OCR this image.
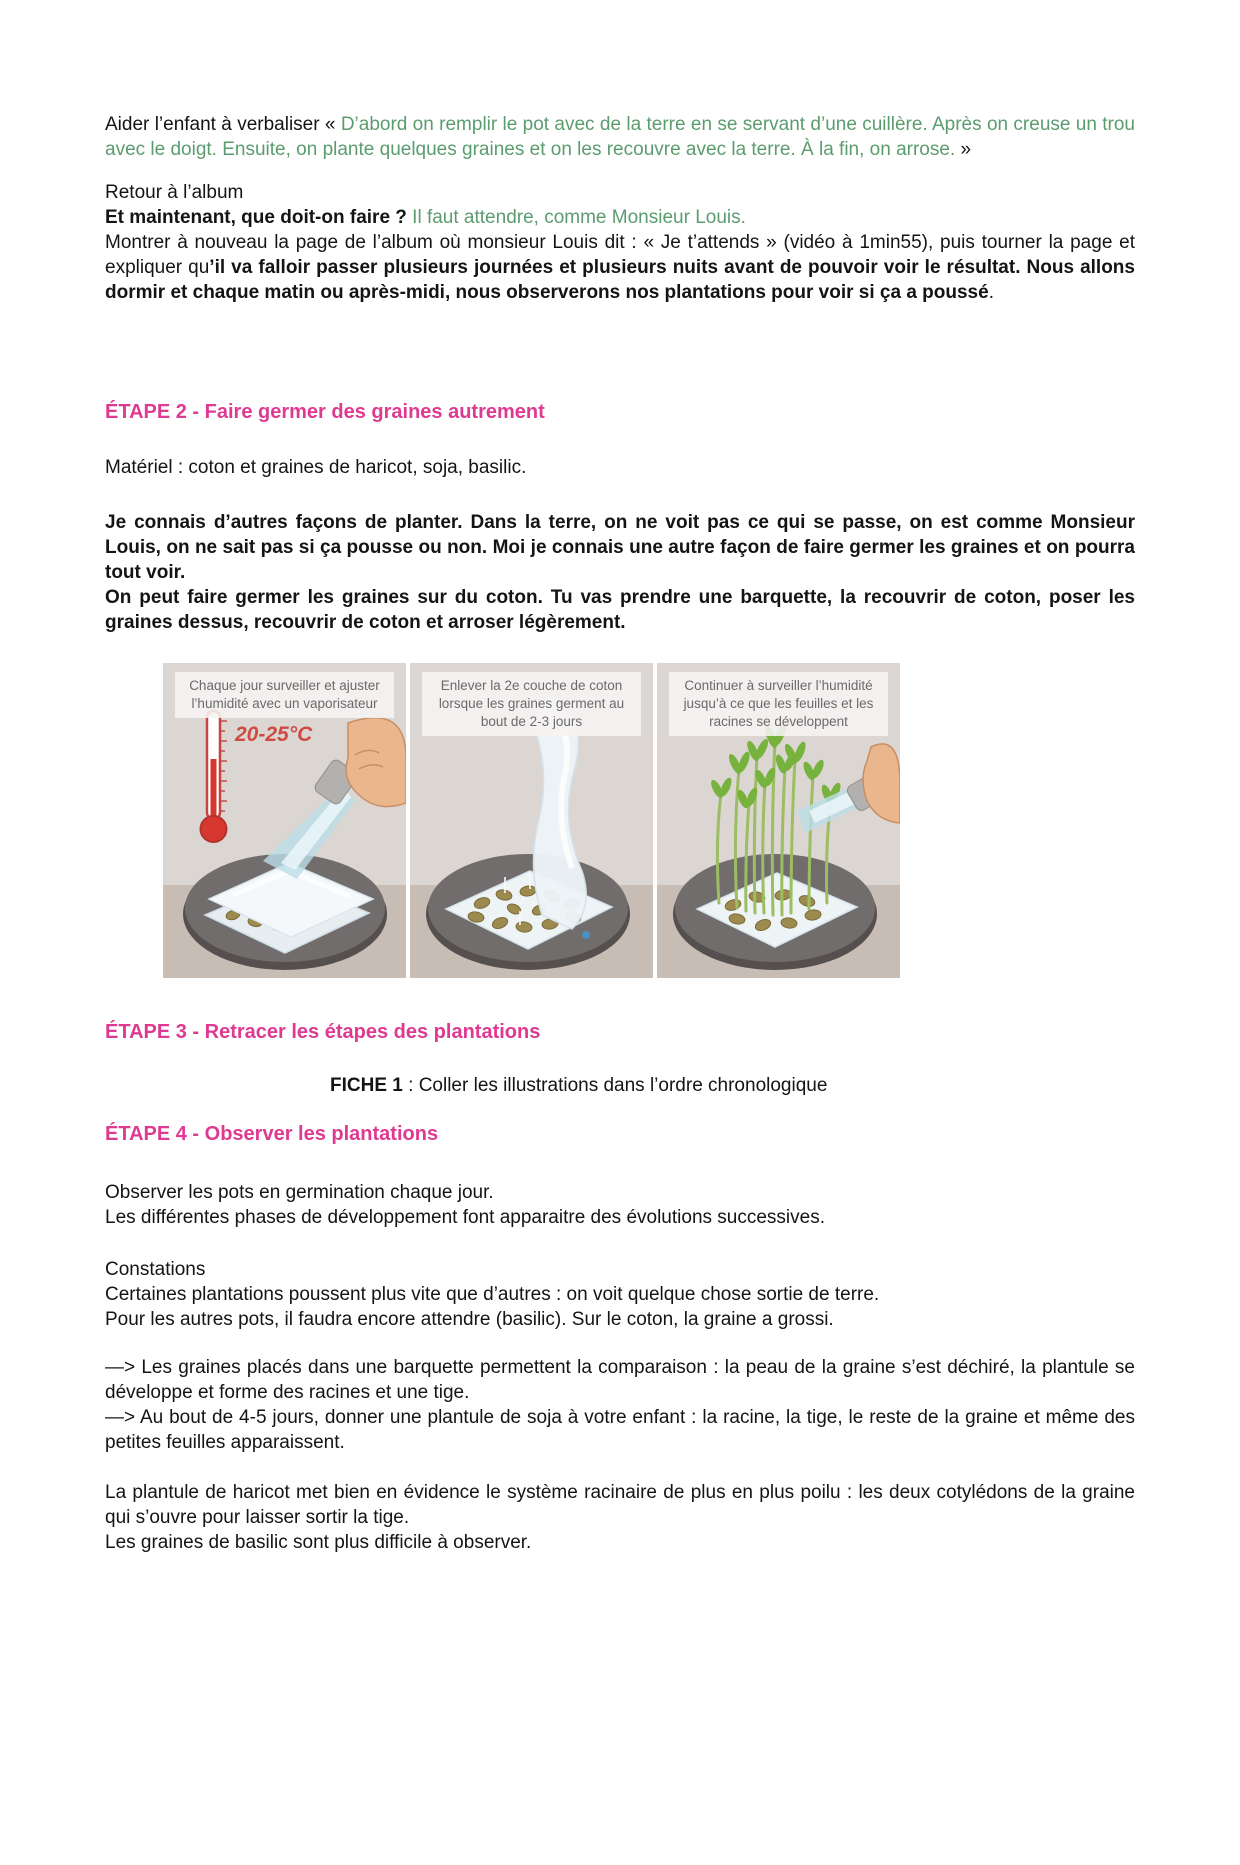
Aider l’enfant à verbaliser « D’abord on remplir le pot avec de la terre en se servant d’une cuillère. Après on creuse un trou avec le doigt. Ensuite, on plante quelques graines et on les recouvre avec la terre. À la fin, on arrose. »

Retour à l’album
Et maintenant, que doit-on faire ? Il faut attendre, comme Monsieur Louis.

Montrer à nouveau la page de l’album où monsieur Louis dit : « Je t’attends » (vidéo à 1min55), puis tourner la page et expliquer qu’il va falloir passer plusieurs journées et plusieurs nuits avant de pouvoir voir le résultat. Nous allons dormir et chaque matin ou après-midi, nous observerons nos plantations pour voir si ça a poussé.

ÉTAPE 2 - Faire germer des graines autrement

Matériel : coton et graines de haricot, soja, basilic.

Je connais d’autres façons de planter. Dans la terre, on ne voit pas ce qui se passe, on est comme Monsieur Louis, on ne sait pas si ça pousse ou non. Moi je connais une autre façon de faire germer les graines et on pourra tout voir.

On peut faire germer les graines sur du coton. Tu vas prendre une barquette, la recouvrir de coton, poser les graines dessus, recouvrir de coton et arroser légèrement.

Chaque jour surveiller et ajuster l’humidité avec un vaporisateur
20-25°C
Enlever la 2e couche de coton lorsque les graines germent au bout de 2-3 jours
Continuer à surveiller l’humidité jusqu’à ce que les feuilles et les racines se développent
ÉTAPE 3 - Retracer les étapes des plantations

FICHE 1 : Coller les illustrations dans l’ordre chronologique

ÉTAPE 4 - Observer les plantations
Observer les pots en germination chaque jour.
Les différentes phases de développement font apparaitre des évolutions successives.
Constations
Certaines plantations poussent plus vite que d’autres : on voit quelque chose sortie de terre.
Pour les autres pots, il faudra encore attendre (basilic). Sur le coton, la graine a grossi.

—> Les graines placés dans une barquette permettent la comparaison : la peau de la graine s’est déchiré, la plantule se développe et forme des racines et une tige.

—> Au bout de 4-5 jours, donner une plantule de soja à votre enfant : la racine, la tige, le reste de la graine et même des petites feuilles apparaissent.

La plantule de haricot met bien en évidence le système racinaire de plus en plus poilu : les deux cotylédons de la graine qui s’ouvre pour laisser sortir la tige.

Les graines de basilic sont plus difficile à observer.
